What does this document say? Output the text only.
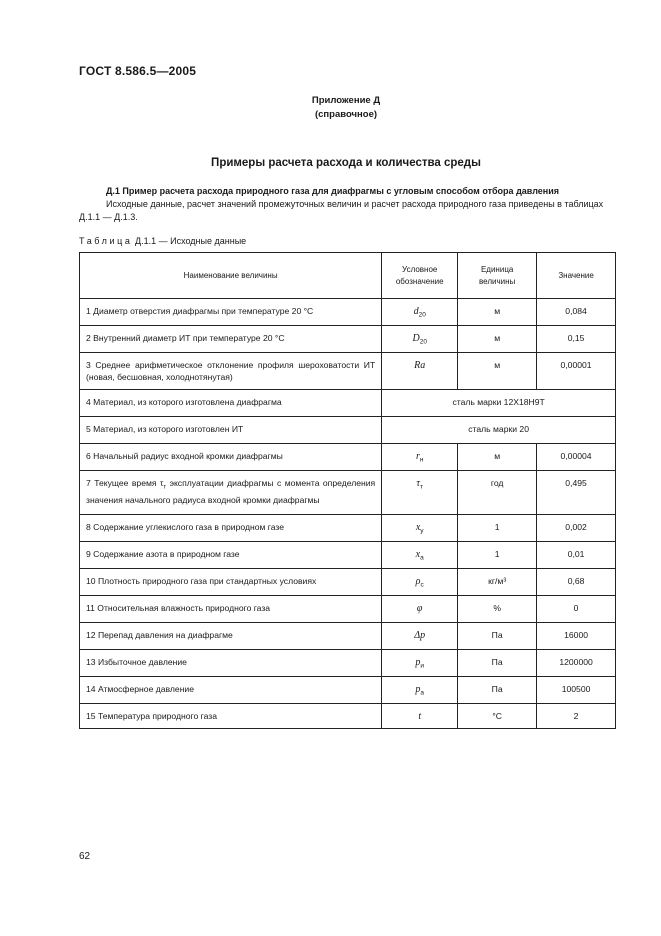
ГОСТ 8.586.5—2005
Приложение Д
(справочное)
Примеры расчета расхода и количества среды
Д.1 Пример расчета расхода природного газа для диафрагмы с угловым способом отбора давления
Исходные данные, расчет значений промежуточных величин и расчет расхода природного газа приведены в таблицах Д.1.1 — Д.1.3.
Таблица Д.1.1 — Исходные данные
Наименование величины	Условное обозначение	Единица величины	Значение
1 Диаметр отверстия диафрагмы при температуре 20 °С	$d_{20}$	м	0,084
2 Внутренний диаметр ИТ при температуре 20 °С	$D_{20}$	м	0,15
3 Среднее арифметическое отклонение профиля шероховатости ИТ (новая, бесшовная, холоднотянутая)	Ra	м	0,00001
4 Материал, из которого изготовлена диафрагма	сталь марки 12Х18Н9Т		
5 Материал, из которого изготовлен ИТ	сталь марки 20		
6 Начальный радиус входной кромки диафрагмы	$r_н$	м	0,00004
7 Текущее время $\tau_т$ эксплуатации диафрагмы с момента определения значения начального радиуса входной кромки диафрагмы	$\tau_т$	год	0,495
8 Содержание углекислого газа в природном газе	$x_у$	1	0,002
9 Содержание азота в природном газе	$x_а$	1	0,01
10 Плотность природного газа при стандартных условиях	$\rho_с$	кг/м³	0,68
11 Относительная влажность природного газа	φ	%	0
12 Перепад давления на диафрагме	Δp	Па	16000
13 Избыточное давление	$p_и$	Па	1200000
14 Атмосферное давление	$p_а$	Па	100500
15 Температура природного газа	t	°С	2
62
